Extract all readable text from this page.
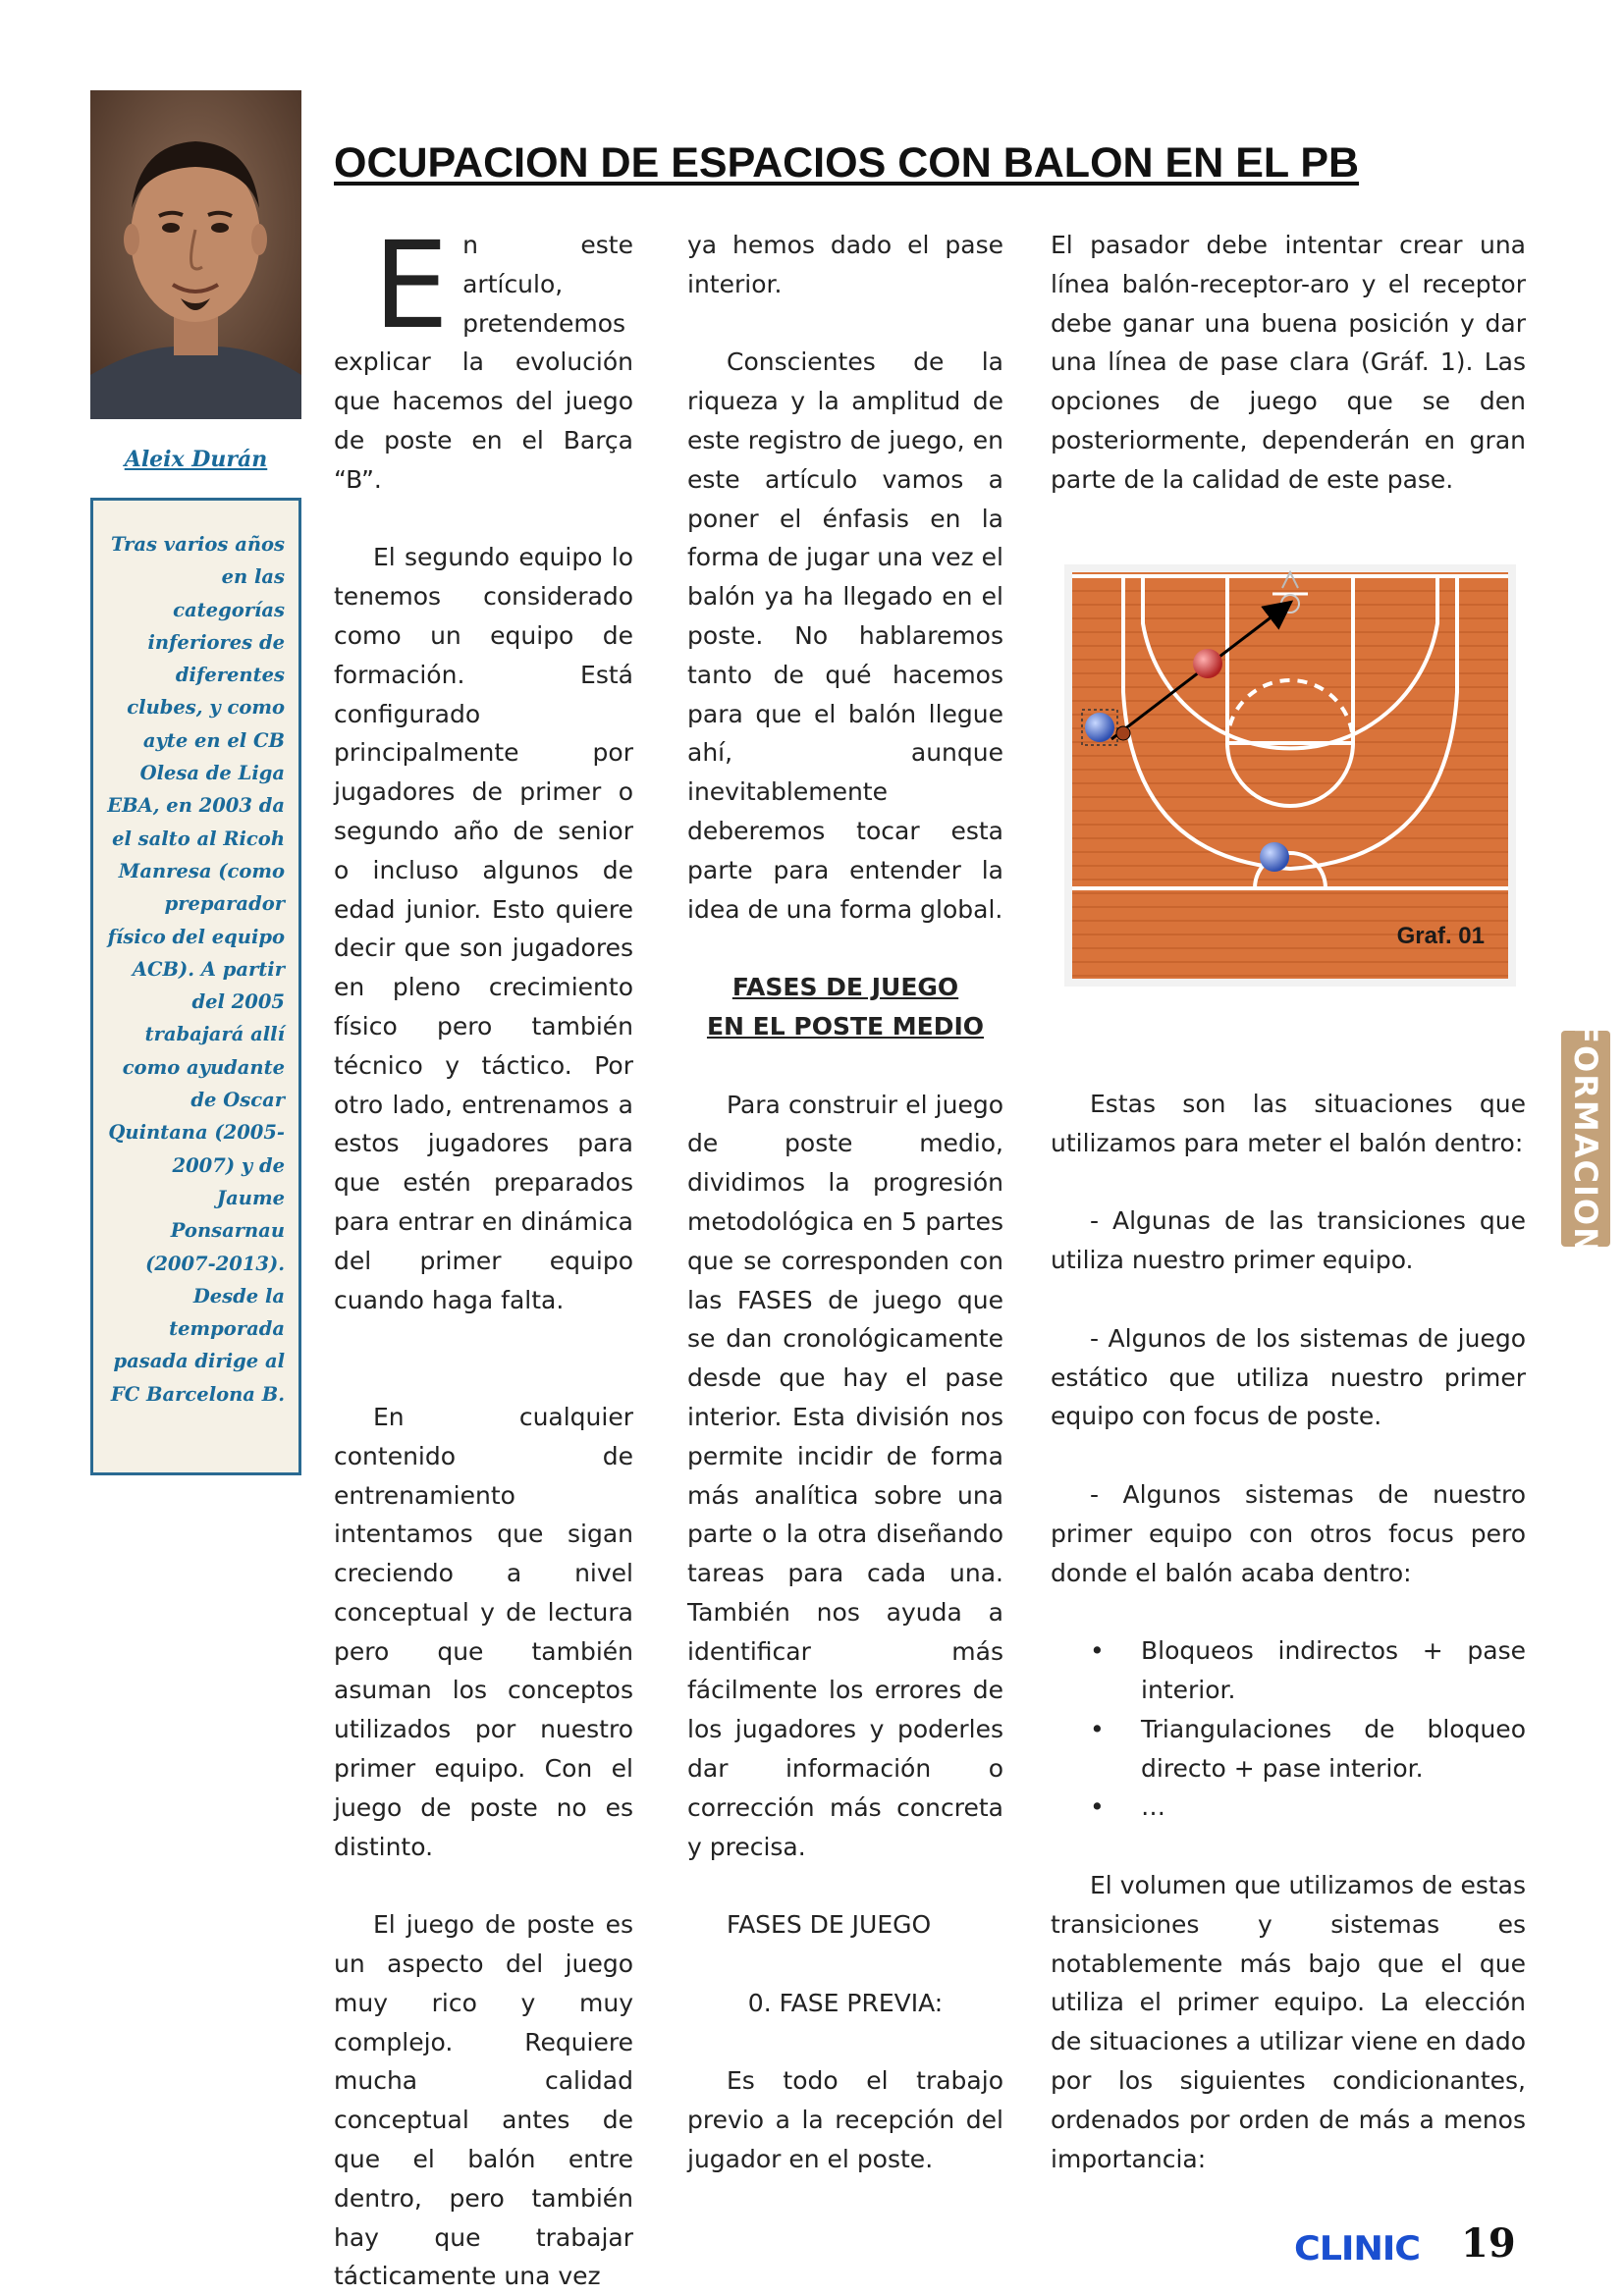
Aleix Durán

Tras varios años en las categorías inferiores de diferentes clubes, y como ayte en el CB Olesa de Liga EBA, en 2003 da el salto al Ricoh Manresa (como preparador físico del equipo ACB). A partir del 2005 trabajará allí como ayudante de Oscar Quintana (2005-2007) y de Jaume Ponsarnau (2007-2013). Desde la temporada pasada dirige al FC Barcelona B.

OCUPACION DE ESPACIOS CON BALON EN EL PB
E n este artículo, pretendemos explicar la evolución que hacemos del juego de poste en el Barça “B”.

El segundo equipo lo tenemos considerado como un equipo de formación. Está configurado principalmente por jugadores de primer o segundo año de senior o incluso algunos de edad junior. Esto quiere decir que son jugadores en pleno crecimiento físico pero también técnico y táctico. Por otro lado, entrenamos a estos jugadores para que estén preparados para entrar en dinámica del primer equipo cuando haga falta.

En cualquier contenido de entrenamiento intentamos que sigan creciendo a nivel conceptual y de lectura pero que también asuman los conceptos utilizados por nuestro primer equipo. Con el juego de poste no es distinto.

El juego de poste es un aspecto del juego muy rico y muy complejo. Requiere mucha calidad conceptual antes de que el balón entre dentro, pero también hay que trabajar tácticamente una vez

ya hemos dado el pase interior.

Conscientes de la riqueza y la amplitud de este registro de juego, en este artículo vamos a poner el énfasis en la forma de jugar una vez el balón ya ha llegado en el poste. No hablaremos tanto de qué hacemos para que el balón llegue ahí, aunque inevitablemente deberemos tocar esta parte para entender la idea de una forma global.

FASES DE JUEGO
EN EL POSTE MEDIO

Para construir el juego de poste medio, dividimos la progresión metodológica en 5 partes que se corresponden con las FASES de juego que se dan cronológicamente desde que hay el pase interior. Esta división nos permite incidir de forma más analítica sobre una parte o la otra diseñando tareas para cada una. También nos ayuda a identificar más fácilmente los errores de los jugadores y poderles dar información o corrección más concreta y precisa.

FASES DE JUEGO

0. FASE PREVIA:

Es todo el trabajo previo a la recepción del jugador en el poste.

El pasador debe intentar crear una línea balón-receptor-aro y el receptor debe ganar una buena posición y dar una línea de pase clara (Gráf. 1). Las opciones de juego que se den posteriormente, dependerán en gran parte de la calidad de este pase.

Graf. 01

Estas son las situaciones que utilizamos para meter el balón dentro:

- Algunas de las transiciones que utiliza nuestro primer equipo.

- Algunos de los sistemas de juego estático que utiliza nuestro primer equipo con focus de poste.

- Algunos sistemas de nuestro primer equipo con otros focus pero donde el balón acaba dentro:

• Bloqueos indirectos + pase interior.
• Triangulaciones de bloqueo directo + pase interior.
• …

El volumen que utilizamos de estas transiciones y sistemas es notablemente más bajo que el que utiliza el primer equipo. La elección de situaciones a utilizar viene en dado por los siguientes condicionantes, ordenados por orden de más a menos importancia:

FORMACION
CLINIC 19
